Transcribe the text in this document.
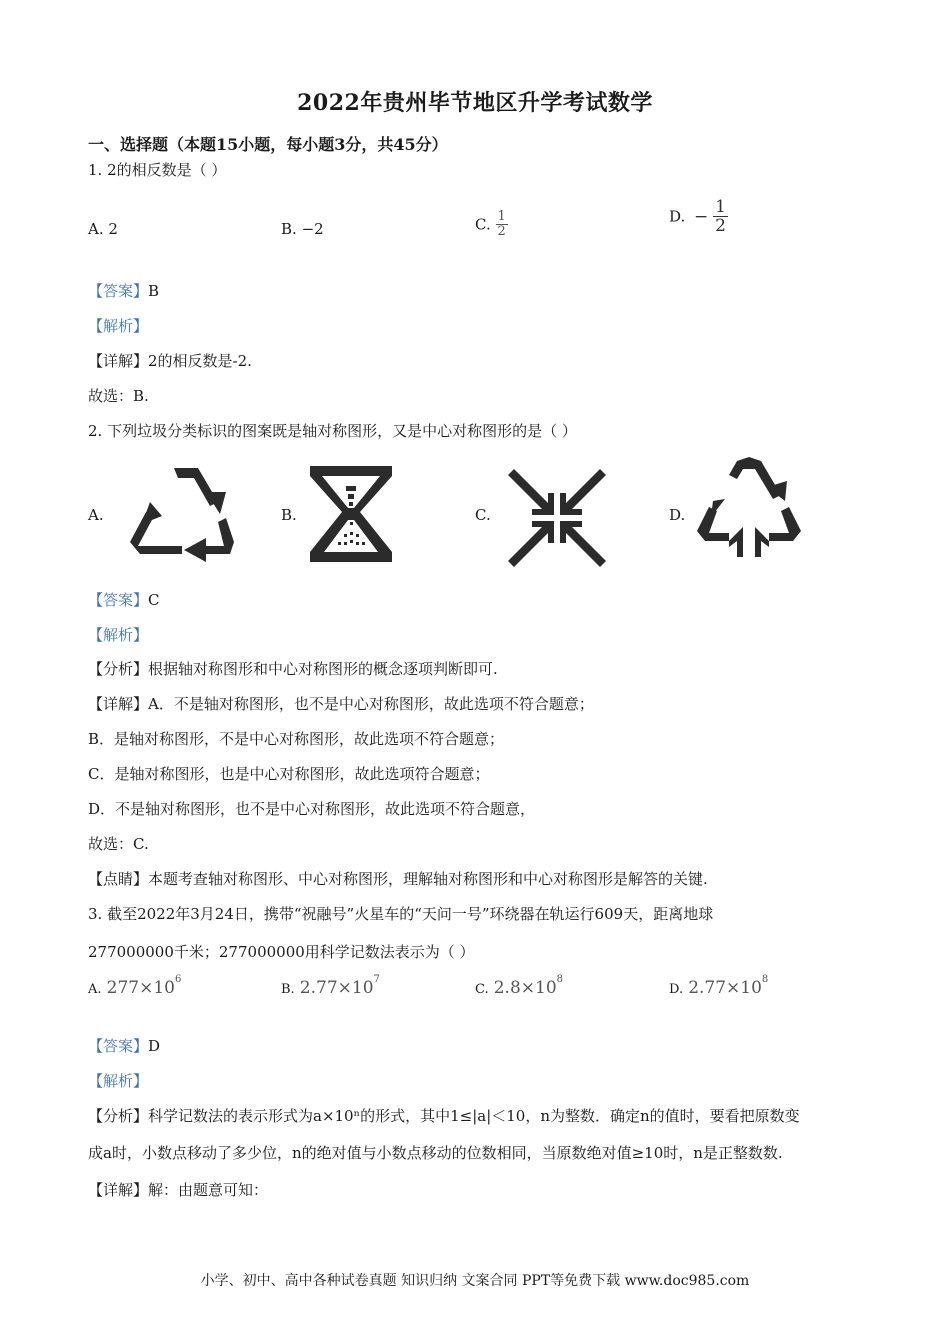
2022年贵州毕节地区升学考试数学
一、选择题（本题15小题，每小题3分，共45分）
1. 2的相反数是（ ）
A. 2	B. −2	C. $\frac{1}{2}$	D. − $\frac{1}{2}$
【答案】B
【解析】
【详解】2的相反数是-2.
故选：B.
2. 下列垃圾分类标识的图案既是轴对称图形，又是中心对称图形的是（ ）
A.	B.	C.	D.
【答案】C
【解析】
【分析】根据轴对称图形和中心对称图形的概念逐项判断即可.
【详解】A．不是轴对称图形，也不是中心对称图形，故此选项不符合题意；
B．是轴对称图形，不是中心对称图形，故此选项不符合题意；
C．是轴对称图形，也是中心对称图形，故此选项符合题意；
D．不是轴对称图形，也不是中心对称图形，故此选项不符合题意，
故选：C.
【点睛】本题考查轴对称图形、中心对称图形，理解轴对称图形和中心对称图形是解答的关键.
3. 截至2022年3月24日，携带“祝融号”火星车的“天问一号”环绕器在轨运行609天，距离地球
277000000千米；277000000用科学记数法表示为（ ）
A. $277\times 10^6$
B. $2.77\times 10^7$
C. $2.8\times 10^8$
D. $2.77\times 10^8$
【答案】D
【解析】
【分析】科学记数法的表示形式为a×10ⁿ的形式，其中1≤|a|＜10，n为整数．确定n的值时，要看把原数变
成a时，小数点移动了多少位，n的绝对值与小数点移动的位数相同，当原数绝对值≥10时，n是正整数数.
【详解】解：由题意可知：
小学、初中、高中各种试卷真题 知识归纳 文案合同 PPT等免费下载 www.doc985.com
